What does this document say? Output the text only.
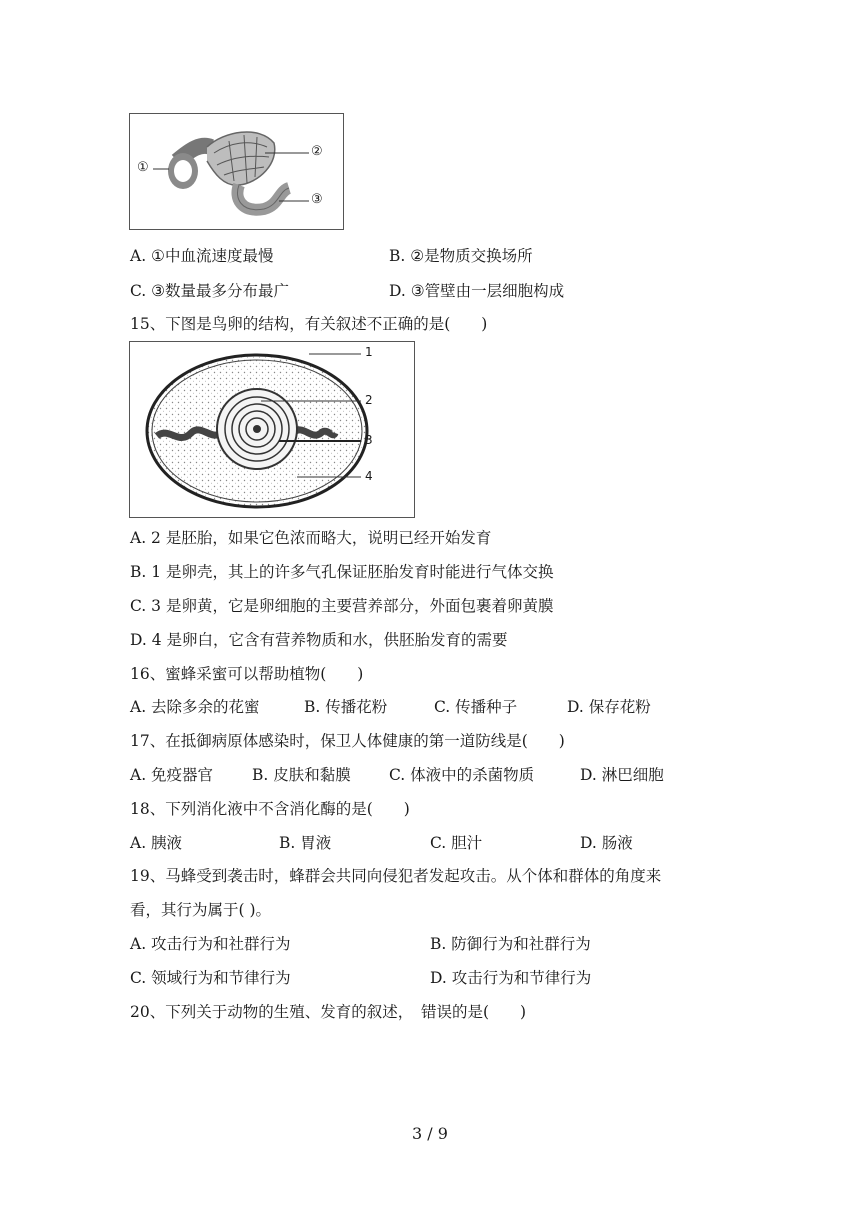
①
②
③
A. ①中血流速度最慢	B. ②是物质交换场所
C. ③数量最多分布最广	D. ③管壁由一层细胞构成
15、下图是鸟卵的结构，有关叙述不正确的是(　　)
1
2
3
4
A. 2 是胚胎，如果它色浓而略大，说明已经开始发育
B. 1 是卵壳，其上的许多气孔保证胚胎发育时能进行气体交换
C. 3 是卵黄，它是卵细胞的主要营养部分，外面包裹着卵黄膜
D. 4 是卵白，它含有营养物质和水，供胚胎发育的需要
16、蜜蜂采蜜可以帮助植物(　　)
A. 去除多余的花蜜	B. 传播花粉	C. 传播种子	D. 保存花粉
17、在抵御病原体感染时，保卫人体健康的第一道防线是(　　)
A. 免疫器官	B. 皮肤和黏膜 C. 体液中的杀菌物质	D. 淋巴细胞
18、下列消化液中不含消化酶的是(　　)
A. 胰液	B. 胃液	C. 胆汁	D. 肠液
19、马蜂受到袭击时，蜂群会共同向侵犯者发起攻击。从个体和群体的角度来
看，其行为属于( )。
A. 攻击行为和社群行为	B. 防御行为和社群行为
C. 领域行为和节律行为	D. 攻击行为和节律行为
20、下列关于动物的生殖、发育的叙述，　错误的是(　　)
3 / 9
